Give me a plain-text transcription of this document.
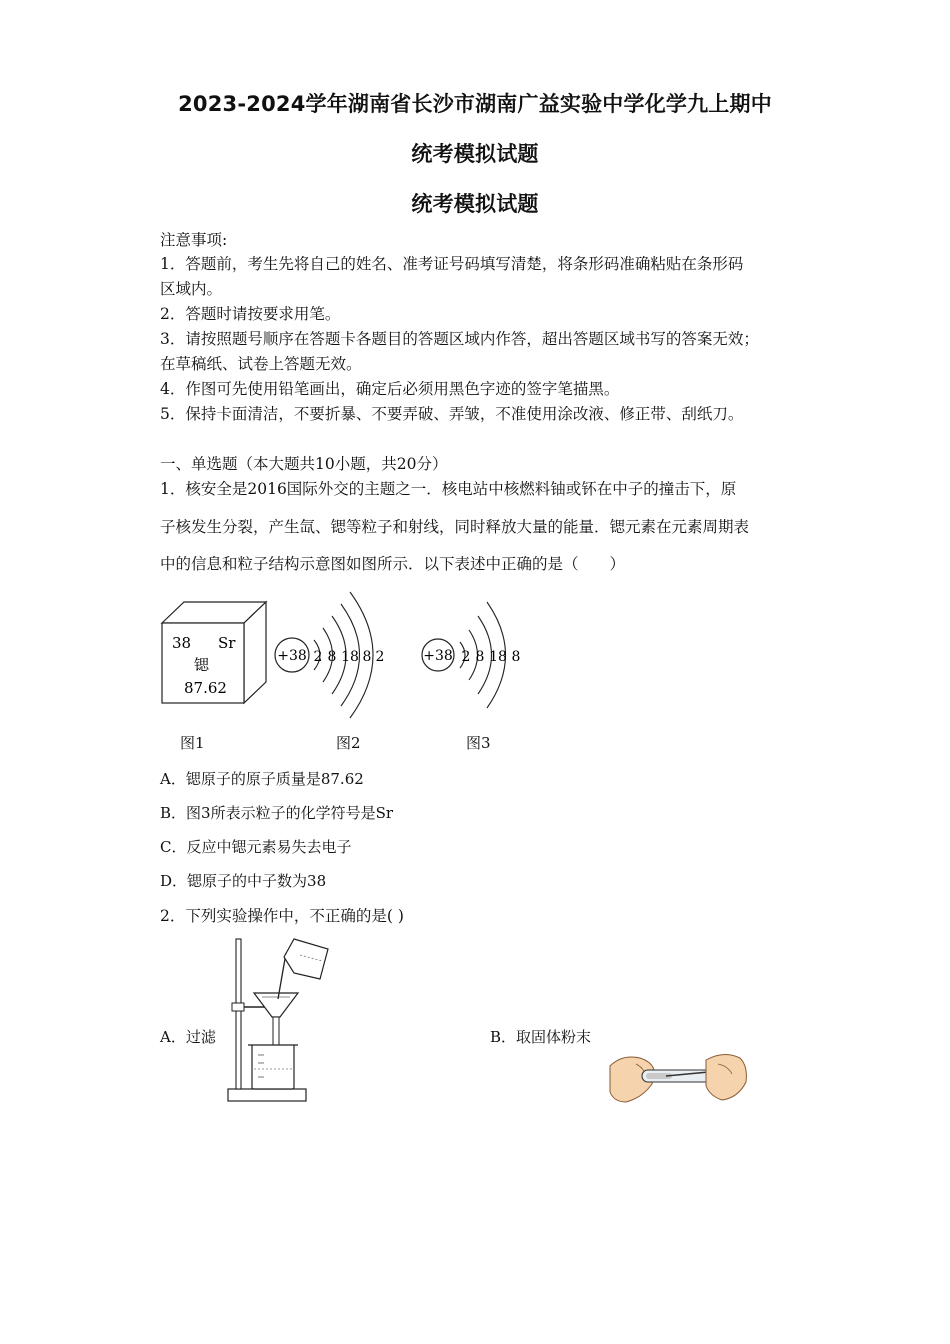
2023-2024学年湖南省长沙市湖南广益实验中学化学九上期中
统考模拟试题
统考模拟试题
注意事项:
1．答题前，考生先将自己的姓名、准考证号码填写清楚，将条形码准确粘贴在条形码
区域内。
2．答题时请按要求用笔。
3．请按照题号顺序在答题卡各题目的答题区域内作答，超出答题区域书写的答案无效；
在草稿纸、试卷上答题无效。
4．作图可先使用铅笔画出，确定后必须用黑色字迹的签字笔描黑。
5．保持卡面清洁，不要折暴、不要弄破、弄皱，不准使用涂改液、修正带、刮纸刀。
一、单选题（本大题共10小题，共20分）
1．核安全是2016国际外交的主题之一．核电站中核燃料铀或钚在中子的撞击下，原
子核发生分裂，产生氙、锶等粒子和射线，同时释放大量的能量．锶元素在元素周期表
中的信息和粒子结构示意图如图所示．以下表述中正确的是（　　）
38 Sr
锶
87.62
图1
+38 2 8 18 8 2
图2
+38 2 8 18 8
图3
A．锶原子的原子质量是87.62
B．图3所表示粒子的化学符号是Sr
C．反应中锶元素易失去电子
D．锶原子的中子数为38
2．下列实验操作中，不正确的是( )
A．过滤	B．取固体粉末
